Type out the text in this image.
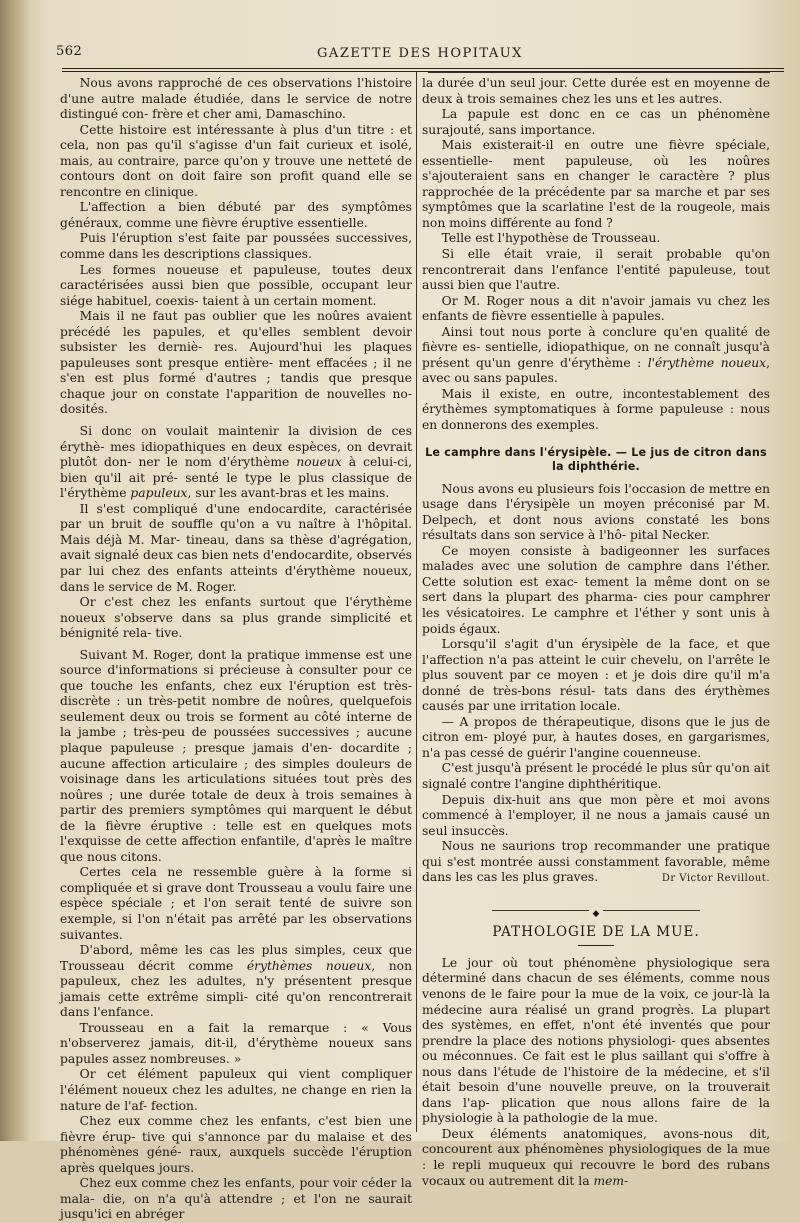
562	GAZETTE DES HOPITAUX

Nous avons rapproché de ces observations l'histoire d'une autre malade étudiée, dans le service de notre distingué con- frère et cher ami, Damaschino.

Cette histoire est intéressante à plus d'un titre : et cela, non pas qu'il s'agisse d'un fait curieux et isolé, mais, au contraire, parce qu'on y trouve une netteté de contours dont on doit faire son profit quand elle se rencontre en clinique.

L'affection a bien débuté par des symptômes généraux, comme une fièvre éruptive essentielle.

Puis l'éruption s'est faite par poussées successives, comme dans les descriptions classiques.

Les formes noueuse et papuleuse, toutes deux caractérisées aussi bien que possible, occupant leur siége habituel, coexis- taient à un certain moment.

Mais il ne faut pas oublier que les noûres avaient précédé les papules, et qu'elles semblent devoir subsister les derniè- res. Aujourd'hui les plaques papuleuses sont presque entière- ment effacées ; il ne s'en est plus formé d'autres ; tandis que presque chaque jour on constate l'apparition de nouvelles no- dosités.

Si donc on voulait maintenir la division de ces érythè- mes idiopathiques en deux espèces, on devrait plutôt don- ner le nom d'érythème noueux à celui-ci, bien qu'il ait pré- senté le type le plus classique de l'érythème papuleux, sur les avant-bras et les mains.

Il s'est compliqué d'une endocardite, caractérisée par un bruit de souffle qu'on a vu naître à l'hôpital. Mais déjà M. Mar- tineau, dans sa thèse d'agrégation, avait signalé deux cas bien nets d'endocardite, observés par lui chez des enfants atteints d'érythème noueux, dans le service de M. Roger.

Or c'est chez les enfants surtout que l'érythème noueux s'observe dans sa plus grande simplicité et bénignité rela- tive.

Suivant M. Roger, dont la pratique immense est une source d'informations si précieuse à consulter pour ce que touche les enfants, chez eux l'éruption est très-discrète : un très-petit nombre de noûres, quelquefois seulement deux ou trois se forment au côté interne de la jambe ; très-peu de poussées successives ; aucune plaque papuleuse ; presque jamais d'en- docardite ; aucune affection articulaire ; des simples douleurs de voisinage dans les articulations situées tout près des noûres ; une durée totale de deux à trois semaines à partir des premiers symptômes qui marquent le début de la fièvre éruptive : telle est en quelques mots l'exquisse de cette affection enfantile, d'après le maître que nous citons.

Certes cela ne ressemble guère à la forme si compliquée et si grave dont Trousseau a voulu faire une espèce spéciale ; et l'on serait tenté de suivre son exemple, si l'on n'était pas arrêté par les observations suivantes.

D'abord, même les cas les plus simples, ceux que Trousseau décrit comme érythèmes noueux, non papuleux, chez les adultes, n'y présentent presque jamais cette extrême simpli- cité qu'on rencontrerait dans l'enfance.

Trousseau en a fait la remarque : « Vous n'observerez jamais, dit-il, d'érythème noueux sans papules assez nombreuses. »

Or cet élément papuleux qui vient compliquer l'élément noueux chez les adultes, ne change en rien la nature de l'af- fection.

Chez eux comme chez les enfants, c'est bien une fièvre érup- tive qui s'annonce par du malaise et des phénomènes géné- raux, auxquels succède l'éruption après quelques jours.

Chez eux comme chez les enfants, pour voir céder la mala- die, on n'a qu'à attendre ; et l'on ne saurait jusqu'ici en abréger

la durée d'un seul jour. Cette durée est en moyenne de deux à trois semaines chez les uns et les autres.

La papule est donc en ce cas un phénomène surajouté, sans importance.

Mais existerait-il en outre une fièvre spéciale, essentielle- ment papuleuse, où les noûres s'ajouteraient sans en changer le caractère ? plus rapprochée de la précédente par sa marche et par ses symptômes que la scarlatine l'est de la rougeole, mais non moins différente au fond ?

Telle est l'hypothèse de Trousseau.

Si elle était vraie, il serait probable qu'on rencontrerait dans l'enfance l'entité papuleuse, tout aussi bien que l'autre.

Or M. Roger nous a dit n'avoir jamais vu chez les enfants de fièvre essentielle à papules.

Ainsi tout nous porte à conclure qu'en qualité de fièvre es- sentielle, idiopathique, on ne connaît jusqu'à présent qu'un genre d'érythème : l'érythème noueux, avec ou sans papules.

Mais il existe, en outre, incontestablement des érythèmes symptomatiques à forme papuleuse : nous en donnerons des exemples.

Le camphre dans l'érysipèle. — Le jus de citron dans la diphthérie.

Nous avons eu plusieurs fois l'occasion de mettre en usage dans l'érysipèle un moyen préconisé par M. Delpech, et dont nous avions constaté les bons résultats dans son service à l'hô- pital Necker.

Ce moyen consiste à badigeonner les surfaces malades avec une solution de camphre dans l'éther. Cette solution est exac- tement la même dont on se sert dans la plupart des pharma- cies pour camphrer les vésicatoires. Le camphre et l'éther y sont unis à poids égaux.

Lorsqu'il s'agit d'un érysipèle de la face, et que l'affection n'a pas atteint le cuir chevelu, on l'arrête le plus souvent par ce moyen : et je dois dire qu'il m'a donné de très-bons résul- tats dans des érythèmes causés par une irritation locale.

— A propos de thérapeutique, disons que le jus de citron em- ployé pur, à hautes doses, en gargarismes, n'a pas cessé de guérir l'angine couenneuse.

C'est jusqu'à présent le procédé le plus sûr qu'on ait signalé contre l'angine diphthéritique.

Depuis dix-huit ans que mon père et moi avons commencé à l'employer, il ne nous a jamais causé un seul insuccès.

Nous ne saurions trop recommander une pratique qui s'est montrée aussi constamment favorable, même dans les cas les plus graves.	Dr Victor Revillout.
◆
PATHOLOGIE DE LA MUE.

Le jour où tout phénomène physiologique sera déterminé dans chacun de ses éléments, comme nous venons de le faire pour la mue de la voix, ce jour-là la médecine aura réalisé un grand progrès. La plupart des systèmes, en effet, n'ont été inventés que pour prendre la place des notions physiologi- ques absentes ou méconnues. Ce fait est le plus saillant qui s'offre à nous dans l'étude de l'histoire de la médecine, et s'il était besoin d'une nouvelle preuve, on la trouverait dans l'ap- plication que nous allons faire de la physiologie à la pathologie de la mue.

Deux éléments anatomiques, avons-nous dit, concourent aux phénomènes physiologiques de la mue : le repli muqueux qui recouvre le bord des rubans vocaux ou autrement dit la mem-
